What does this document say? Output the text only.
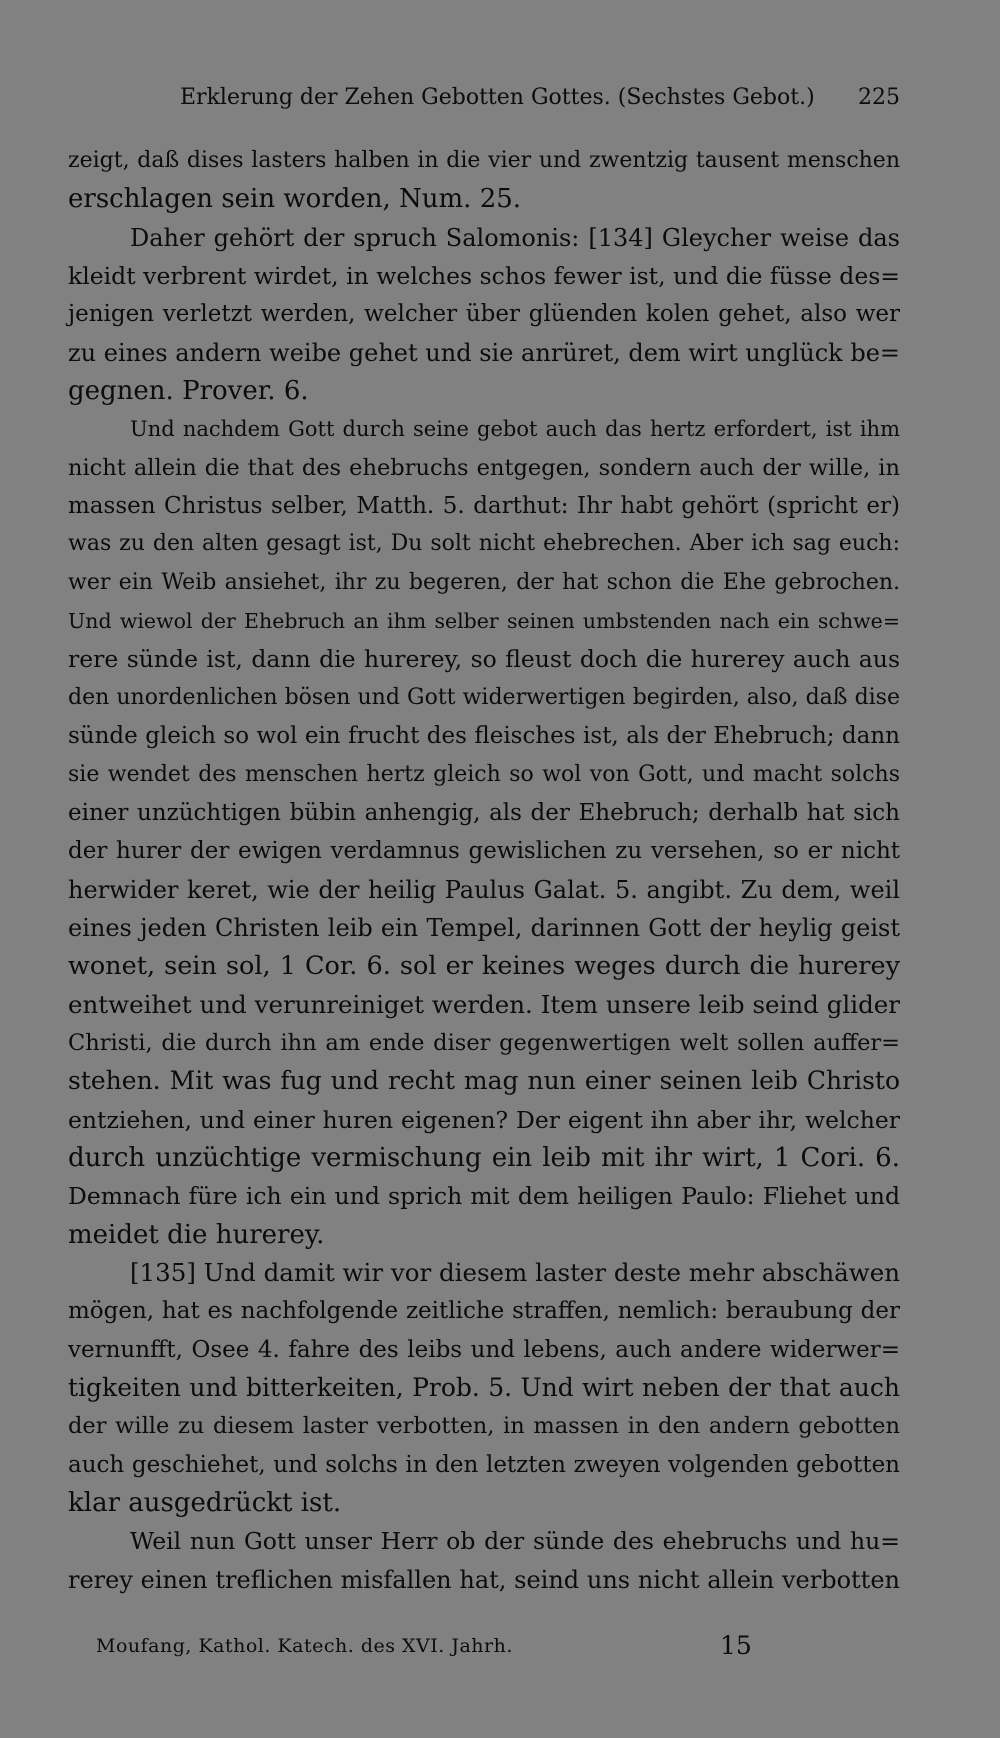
Erklerung der Zehen Gebotten Gottes. (Sechstes Gebot.) 225

zeigt, daß dises lasters halben in die vier und zwentzig tausent menschen
erschlagen sein worden, Num. 25.

Daher gehört der spruch Salomonis: [134] Gleycher weise das
kleidt verbrent wirdet, in welches schos fewer ist, und die füsse des=
jenigen verletzt werden, welcher über glüenden kolen gehet, also wer
zu eines andern weibe gehet und sie anrüret, dem wirt unglück be=
gegnen. Prover. 6.

Und nachdem Gott durch seine gebot auch das hertz erfordert, ist ihm
nicht allein die that des ehebruchs entgegen, sondern auch der wille, in
massen Christus selber, Matth. 5. darthut: Ihr habt gehört (spricht er)
was zu den alten gesagt ist, Du solt nicht ehebrechen. Aber ich sag euch:
wer ein Weib ansiehet, ihr zu begeren, der hat schon die Ehe gebrochen.
Und wiewol der Ehebruch an ihm selber seinen umbstenden nach ein schwe=
rere sünde ist, dann die hurerey, so fleust doch die hurerey auch aus
den unordenlichen bösen und Gott widerwertigen begirden, also, daß dise
sünde gleich so wol ein frucht des fleisches ist, als der Ehebruch; dann
sie wendet des menschen hertz gleich so wol von Gott, und macht solchs
einer unzüchtigen bübin anhengig, als der Ehebruch; derhalb hat sich
der hurer der ewigen verdamnus gewislichen zu versehen, so er nicht
herwider keret, wie der heilig Paulus Galat. 5. angibt. Zu dem, weil
eines jeden Christen leib ein Tempel, darinnen Gott der heylig geist
wonet, sein sol, 1 Cor. 6. sol er keines weges durch die hurerey
entweihet und verunreiniget werden. Item unsere leib seind glider
Christi, die durch ihn am ende diser gegenwertigen welt sollen auffer=
stehen. Mit was fug und recht mag nun einer seinen leib Christo
entziehen, und einer huren eigenen? Der eigent ihn aber ihr, welcher
durch unzüchtige vermischung ein leib mit ihr wirt, 1 Cori. 6.
Demnach füre ich ein und sprich mit dem heiligen Paulo: Fliehet und
meidet die hurerey.

[135] Und damit wir vor diesem laster deste mehr abschäwen
mögen, hat es nachfolgende zeitliche straffen, nemlich: beraubung der
vernunfft, Osee 4. fahre des leibs und lebens, auch andere widerwer=
tigkeiten und bitterkeiten, Prob. 5. Und wirt neben der that auch
der wille zu diesem laster verbotten, in massen in den andern gebotten
auch geschiehet, und solchs in den letzten zweyen volgenden gebotten
klar ausgedrückt ist.

Weil nun Gott unser Herr ob der sünde des ehebruchs und hu=
rerey einen treflichen misfallen hat, seind uns nicht allein verbotten

Moufang, Kathol. Katech. des XVI. Jahrh.	15
